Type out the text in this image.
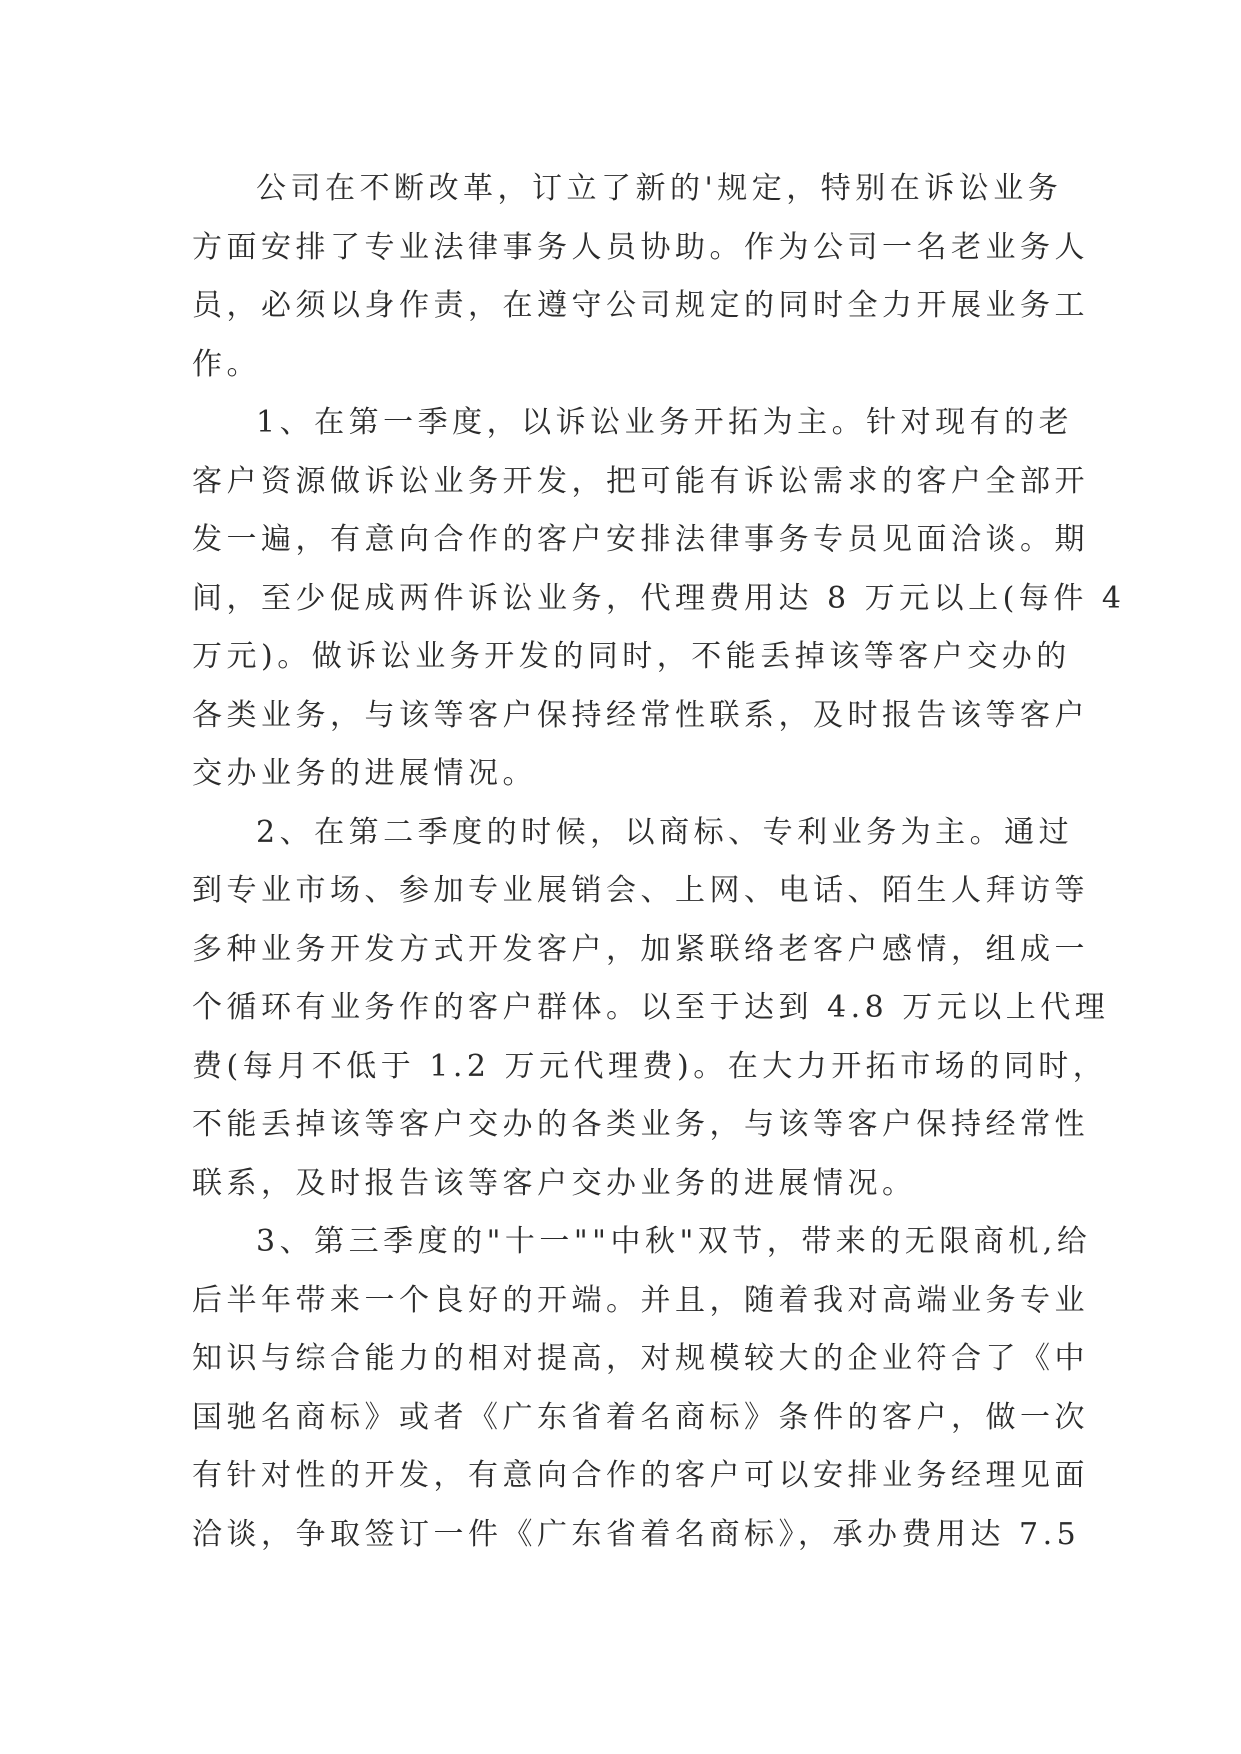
公司在不断改革，订立了新的'规定，特别在诉讼业务
方面安排了专业法律事务人员协助。作为公司一名老业务人
员，必须以身作责，在遵守公司规定的同时全力开展业务工
作。
1、在第一季度，以诉讼业务开拓为主。针对现有的老
客户资源做诉讼业务开发，把可能有诉讼需求的客户全部开
发一遍，有意向合作的客户安排法律事务专员见面洽谈。期
间，至少促成两件诉讼业务，代理费用达 8 万元以上(每件 4
万元)。做诉讼业务开发的同时，不能丢掉该等客户交办的
各类业务，与该等客户保持经常性联系，及时报告该等客户
交办业务的进展情况。
2、在第二季度的时候，以商标、专利业务为主。通过
到专业市场、参加专业展销会、上网、电话、陌生人拜访等
多种业务开发方式开发客户，加紧联络老客户感情，组成一
个循环有业务作的客户群体。以至于达到 4.8 万元以上代理
费(每月不低于 1.2 万元代理费)。在大力开拓市场的同时，
不能丢掉该等客户交办的各类业务，与该等客户保持经常性
联系，及时报告该等客户交办业务的进展情况。
3、第三季度的"十一""中秋"双节，带来的无限商机,给
后半年带来一个良好的开端。并且，随着我对高端业务专业
知识与综合能力的相对提高，对规模较大的企业符合了《中
国驰名商标》或者《广东省着名商标》条件的客户，做一次
有针对性的开发，有意向合作的客户可以安排业务经理见面
洽谈，争取签订一件《广东省着名商标》，承办费用达 7.5
